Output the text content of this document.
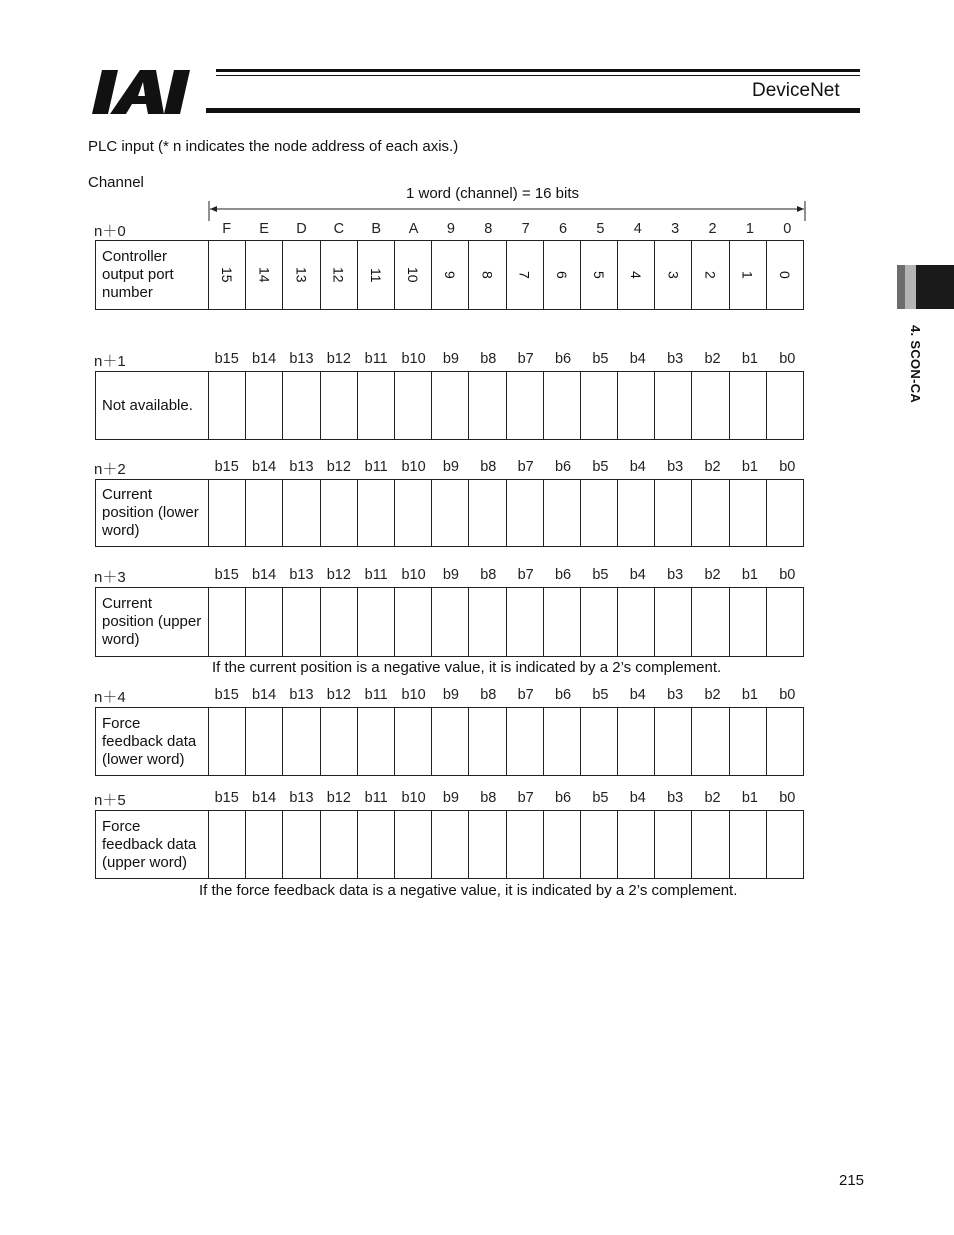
DeviceNet
PLC input (* n indicates the node address of each axis.)
Channel
1 word (channel) = 16 bits
4. SCON-CA
n＋0	F	E	D	C	B	A	9	8	7	6	5	4	3	2	1	0
Controller output port number
15 14 13 12 11 10 9 8 7 6 5 4 3 2 1 0
n＋1	b15 b14 b13 b12 b11 b10	b9	b8	b7	b6	b5	b4	b3	b2	b1	b0
Not available.
n＋2	b15 b14 b13 b12 b11 b10	b9	b8	b7	b6	b5	b4	b3	b2	b1	b0
Current position (lower word)
n＋3	b15 b14 b13 b12 b11 b10	b9	b8	b7	b6	b5	b4	b3	b2	b1	b0
Current position (upper word)
n＋4	b15 b14 b13 b12 b11 b10	b9	b8	b7	b6	b5	b4	b3	b2	b1	b0
Force feedback data (lower word)
n＋5	b15 b14 b13 b12 b11 b10	b9	b8	b7	b6	b5	b4	b3	b2	b1	b0
Force feedback data (upper word)
If the current position is a negative value, it is indicated by a 2’s complement.
If the force feedback data is a negative value, it is indicated by a 2’s complement.
215
